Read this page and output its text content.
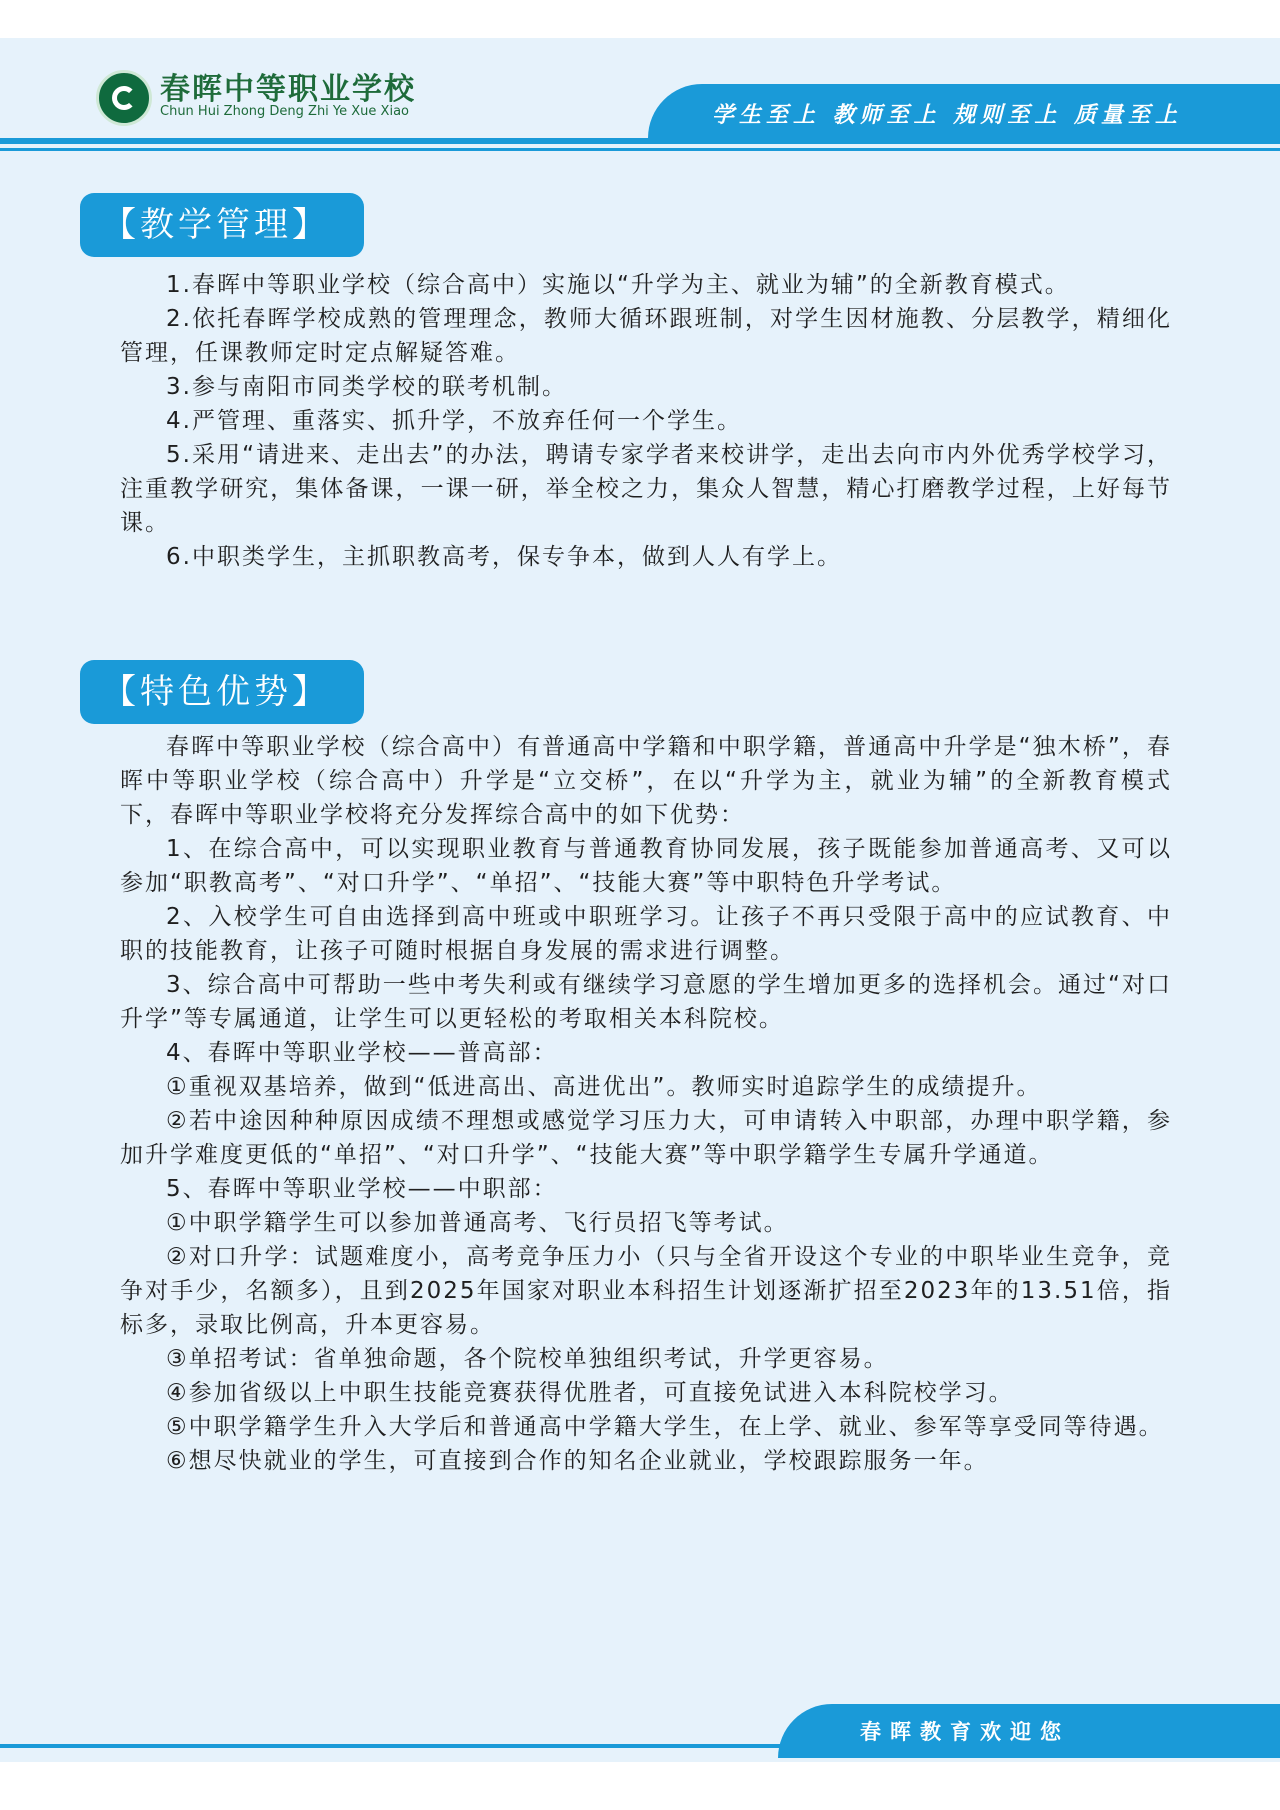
春晖中等职业学校
Chun Hui Zhong Deng Zhi Ye Xue Xiao	学生至上 教师至上 规则至上 质量至上
【教学管理】

1.春晖中等职业学校（综合高中）实施以“升学为主、就业为辅”的全新教育模式。

2.依托春晖学校成熟的管理理念，教师大循环跟班制，对学生因材施教、分层教学，精细化管理，任课教师定时定点解疑答难。

3.参与南阳市同类学校的联考机制。

4.严管理、重落实、抓升学，不放弃任何一个学生。

5.采用“请进来、走出去”的办法，聘请专家学者来校讲学，走出去向市内外优秀学校学习，注重教学研究，集体备课，一课一研，举全校之力，集众人智慧，精心打磨教学过程，上好每节课。

6.中职类学生，主抓职教高考，保专争本，做到人人有学上。

【特色优势】

春晖中等职业学校（综合高中）有普通高中学籍和中职学籍，普通高中升学是“独木桥”，春晖中等职业学校（综合高中）升学是“立交桥”，在以“升学为主，就业为辅”的全新教育模式下，春晖中等职业学校将充分发挥综合高中的如下优势：

1、在综合高中，可以实现职业教育与普通教育协同发展，孩子既能参加普通高考、又可以参加“职教高考”、“对口升学”、“单招”、“技能大赛”等中职特色升学考试。

2、入校学生可自由选择到高中班或中职班学习。让孩子不再只受限于高中的应试教育、中职的技能教育，让孩子可随时根据自身发展的需求进行调整。

3、综合高中可帮助一些中考失利或有继续学习意愿的学生增加更多的选择机会。通过“对口升学”等专属通道，让学生可以更轻松的考取相关本科院校。

4、春晖中等职业学校——普高部：

①重视双基培养，做到“低进高出、高进优出”。教师实时追踪学生的成绩提升。

②若中途因种种原因成绩不理想或感觉学习压力大，可申请转入中职部，办理中职学籍，参加升学难度更低的“单招”、“对口升学”、“技能大赛”等中职学籍学生专属升学通道。

5、春晖中等职业学校——中职部：

①中职学籍学生可以参加普通高考、飞行员招飞等考试。

②对口升学：试题难度小，高考竞争压力小（只与全省开设这个专业的中职毕业生竞争，竞争对手少，名额多），且到2025年国家对职业本科招生计划逐渐扩招至2023年的13.51倍，指标多，录取比例高，升本更容易。

③单招考试：省单独命题，各个院校单独组织考试，升学更容易。

④参加省级以上中职生技能竞赛获得优胜者，可直接免试进入本科院校学习。

⑤中职学籍学生升入大学后和普通高中学籍大学生，在上学、就业、参军等享受同等待遇。

⑥想尽快就业的学生，可直接到合作的知名企业就业，学校跟踪服务一年。

春晖教育欢迎您
